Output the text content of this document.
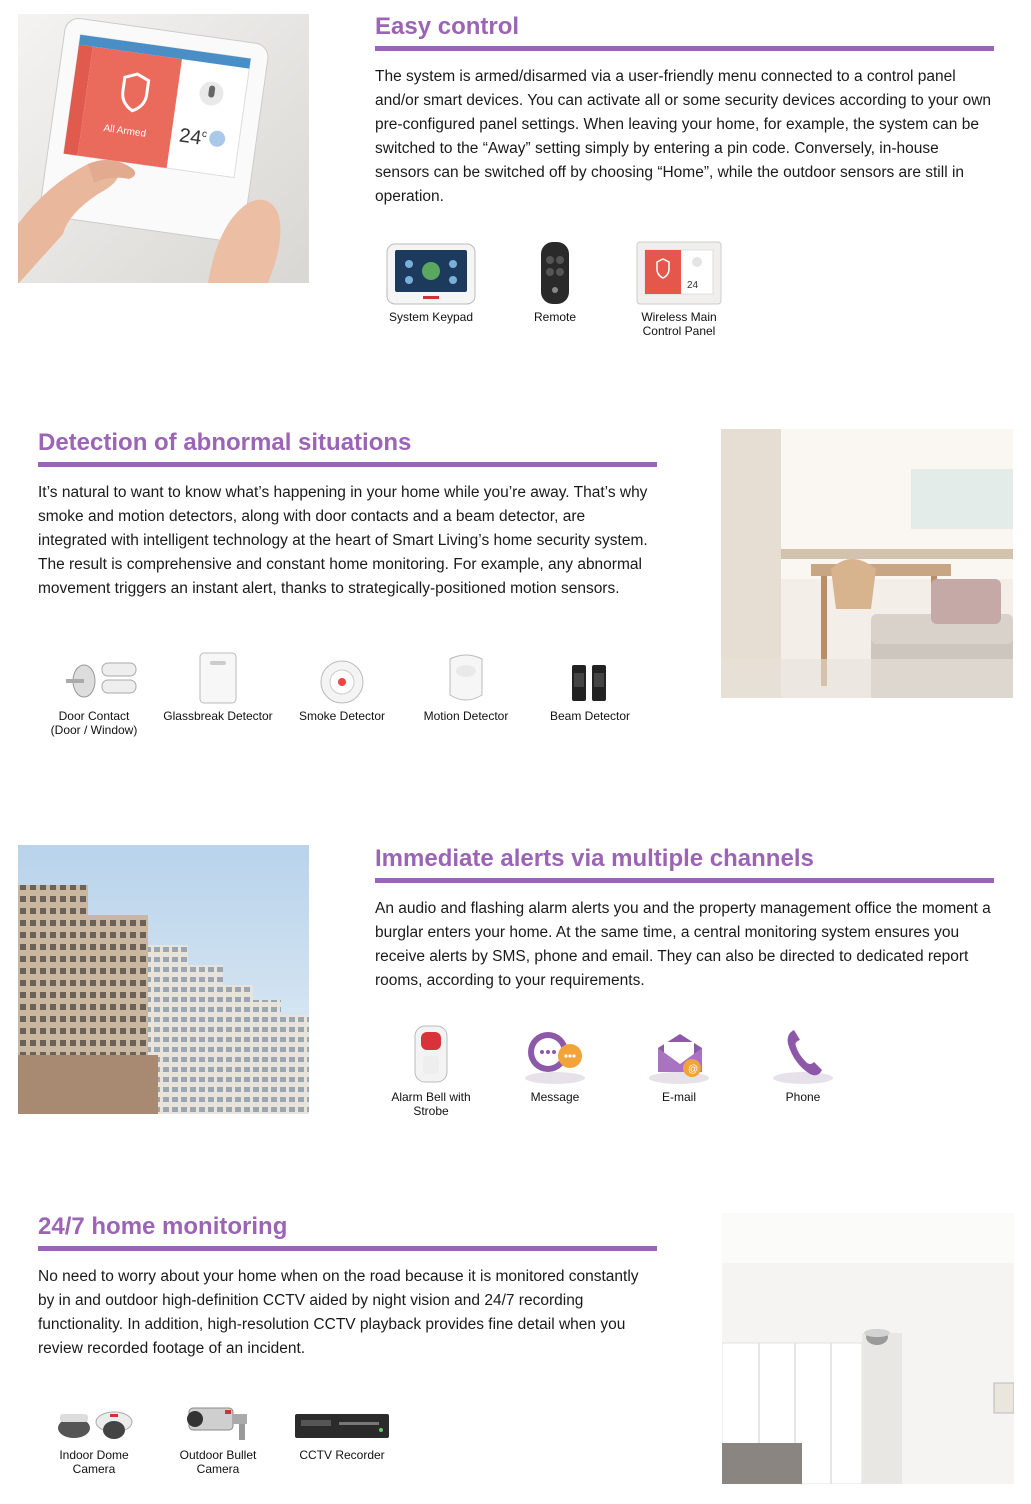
All Armed 24$^c$
Easy control
The system is armed/disarmed via a user-friendly menu connected to a control panel and/or smart devices. You can activate all or some security devices according to your own pre-configured panel settings. When leaving your home, for example, the system can be switched to the “Away” setting simply by entering a pin code. Conversely, in-house sensors can be switched off by choosing “Home”, while the outdoor sensors are still in operation.
System Keypad	Remote
24
Wireless Main
Control Panel
Detection of abnormal situations
It’s natural to want to know what’s happening in your home while you’re away. That’s why smoke and motion detectors, along with door contacts and a beam detector, are integrated with intelligent technology at the heart of Smart Living’s home security system. The result is comprehensive and constant home monitoring. For example, any abnormal movement triggers an instant alert, thanks to strategically-positioned motion sensors.
Door Contact
(Door / Window)
Glassbreak Detector	Smoke Detector	Motion Detector	Beam Detector
Immediate alerts via multiple channels
An audio and flashing alarm alerts you and the property management office the moment a burglar enters your home. At the same time, a central monitoring system ensures you receive alerts by SMS, phone and email. They can also be directed to dedicated report rooms, according to your requirements.
Alarm Bell with
Strobe
Message
@
E-mail	Phone
24/7 home monitoring
No need to worry about your home when on the road because it is monitored constantly by in and outdoor high-definition CCTV aided by night vision and 24/7 recording functionality. In addition, high-resolution CCTV playback provides fine detail when you review recorded footage of an incident.
Indoor Dome
Camera
Outdoor Bullet
Camera
CCTV Recorder
